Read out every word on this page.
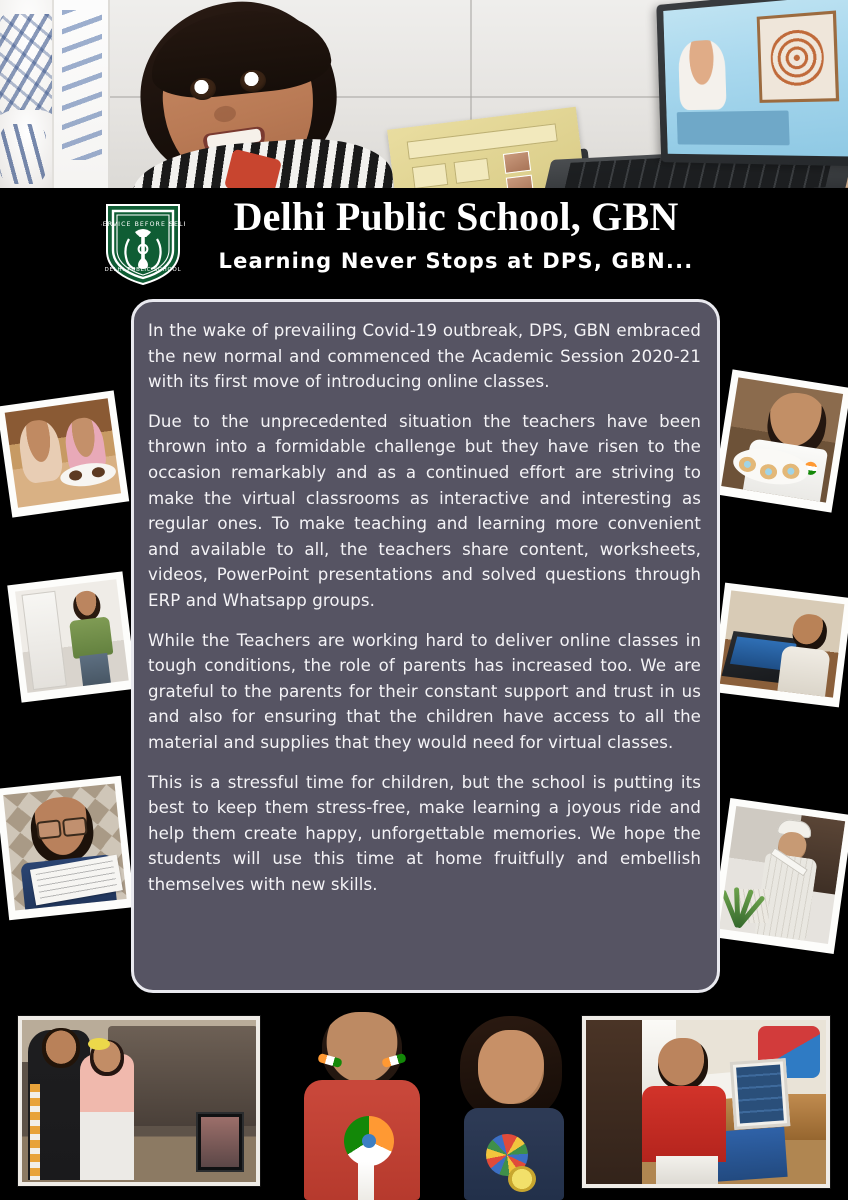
SERVICE BEFORE SELF
DELHI PUBLIC SCHOOL
Delhi Public School, GBN
Learning Never Stops at DPS, GBN...

In the wake of prevailing Covid-19 outbreak, DPS, GBN embraced the new normal and commenced the Academic Session 2020-21 with its first move of introducing online classes.

Due to the unprecedented situation the teachers have been thrown into a formidable challenge but they have risen to the occasion remarkably and as a continued effort are striving to make the virtual classrooms as interactive and interesting as regular ones. To make teaching and learning more convenient and available to all, the teachers share content, worksheets, videos, PowerPoint presentations and solved questions through ERP and Whatsapp groups.

While the Teachers are working hard to deliver online classes in tough conditions, the role of parents has increased too. We are grateful to the parents for their constant support and trust in us and also for ensuring that the children have access to all the material and supplies that they would need for virtual classes.

This is a stressful time for children, but the school is putting its best to keep them stress-free, make learning a joyous ride and help them create happy, unforgettable memories. We hope the students will use this time at home fruitfully and embellish themselves with new skills.
